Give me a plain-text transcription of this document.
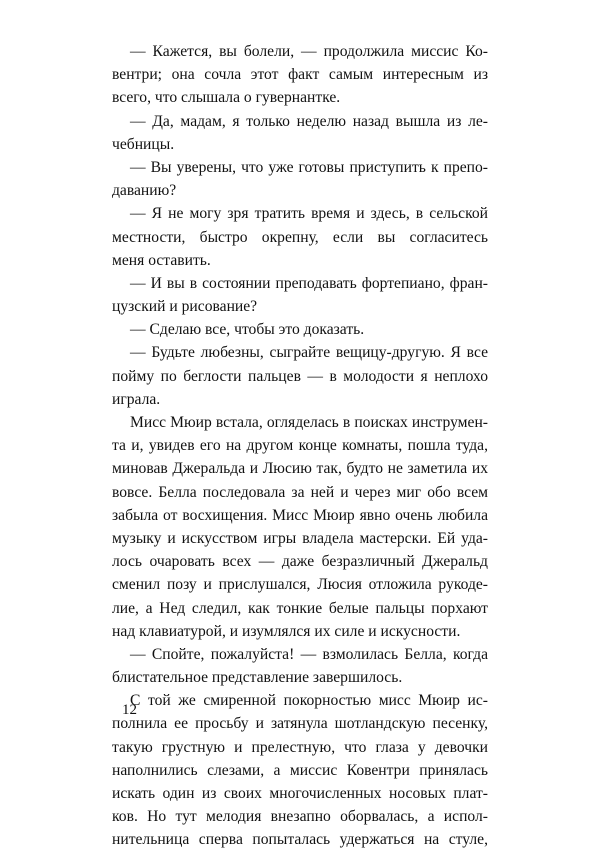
— Кажется, вы болели, — продолжила миссис Ко-
вентри; она сочла этот факт самым интересным из
всего, что слышала о гувернантке.
— Да, мадам, я только неделю назад вышла из ле-
чебницы.
— Вы уверены, что уже готовы приступить к препо-
даванию?
— Я не могу зря тратить время и здесь, в сельской
местности, быстро окрепну, если вы согласитесь
меня оставить.
— И вы в состоянии преподавать фортепиано, фран-
цузский и рисование?
— Сделаю все, чтобы это доказать.
— Будьте любезны, сыграйте вещицу-другую. Я все
пойму по беглости пальцев — в молодости я неплохо
играла.
Мисс Мюир встала, огляделась в поисках инструмен-
та и, увидев его на другом конце комнаты, пошла туда,
миновав Джеральда и Люсию так, будто не заметила их
вовсе. Белла последовала за ней и через миг обо всем
забыла от восхищения. Мисс Мюир явно очень любила
музыку и искусством игры владела мастерски. Ей уда-
лось очаровать всех — даже безразличный Джеральд
сменил позу и прислушался, Люсия отложила рукоде-
лие, а Нед следил, как тонкие белые пальцы порхают
над клавиатурой, и изумлялся их силе и искусности.
— Спойте, пожалуйста! — взмолилась Белла, когда
блистательное представление завершилось.
С той же смиренной покорностью мисс Мюир ис-
полнила ее просьбу и затянула шотландскую песенку,
такую грустную и прелестную, что глаза у девочки
наполнились слезами, а миссис Ковентри принялась
искать один из своих многочисленных носовых плат-
ков. Но тут мелодия внезапно оборвалась, а испол-
нительница сперва попыталась удержаться на стуле,
12
